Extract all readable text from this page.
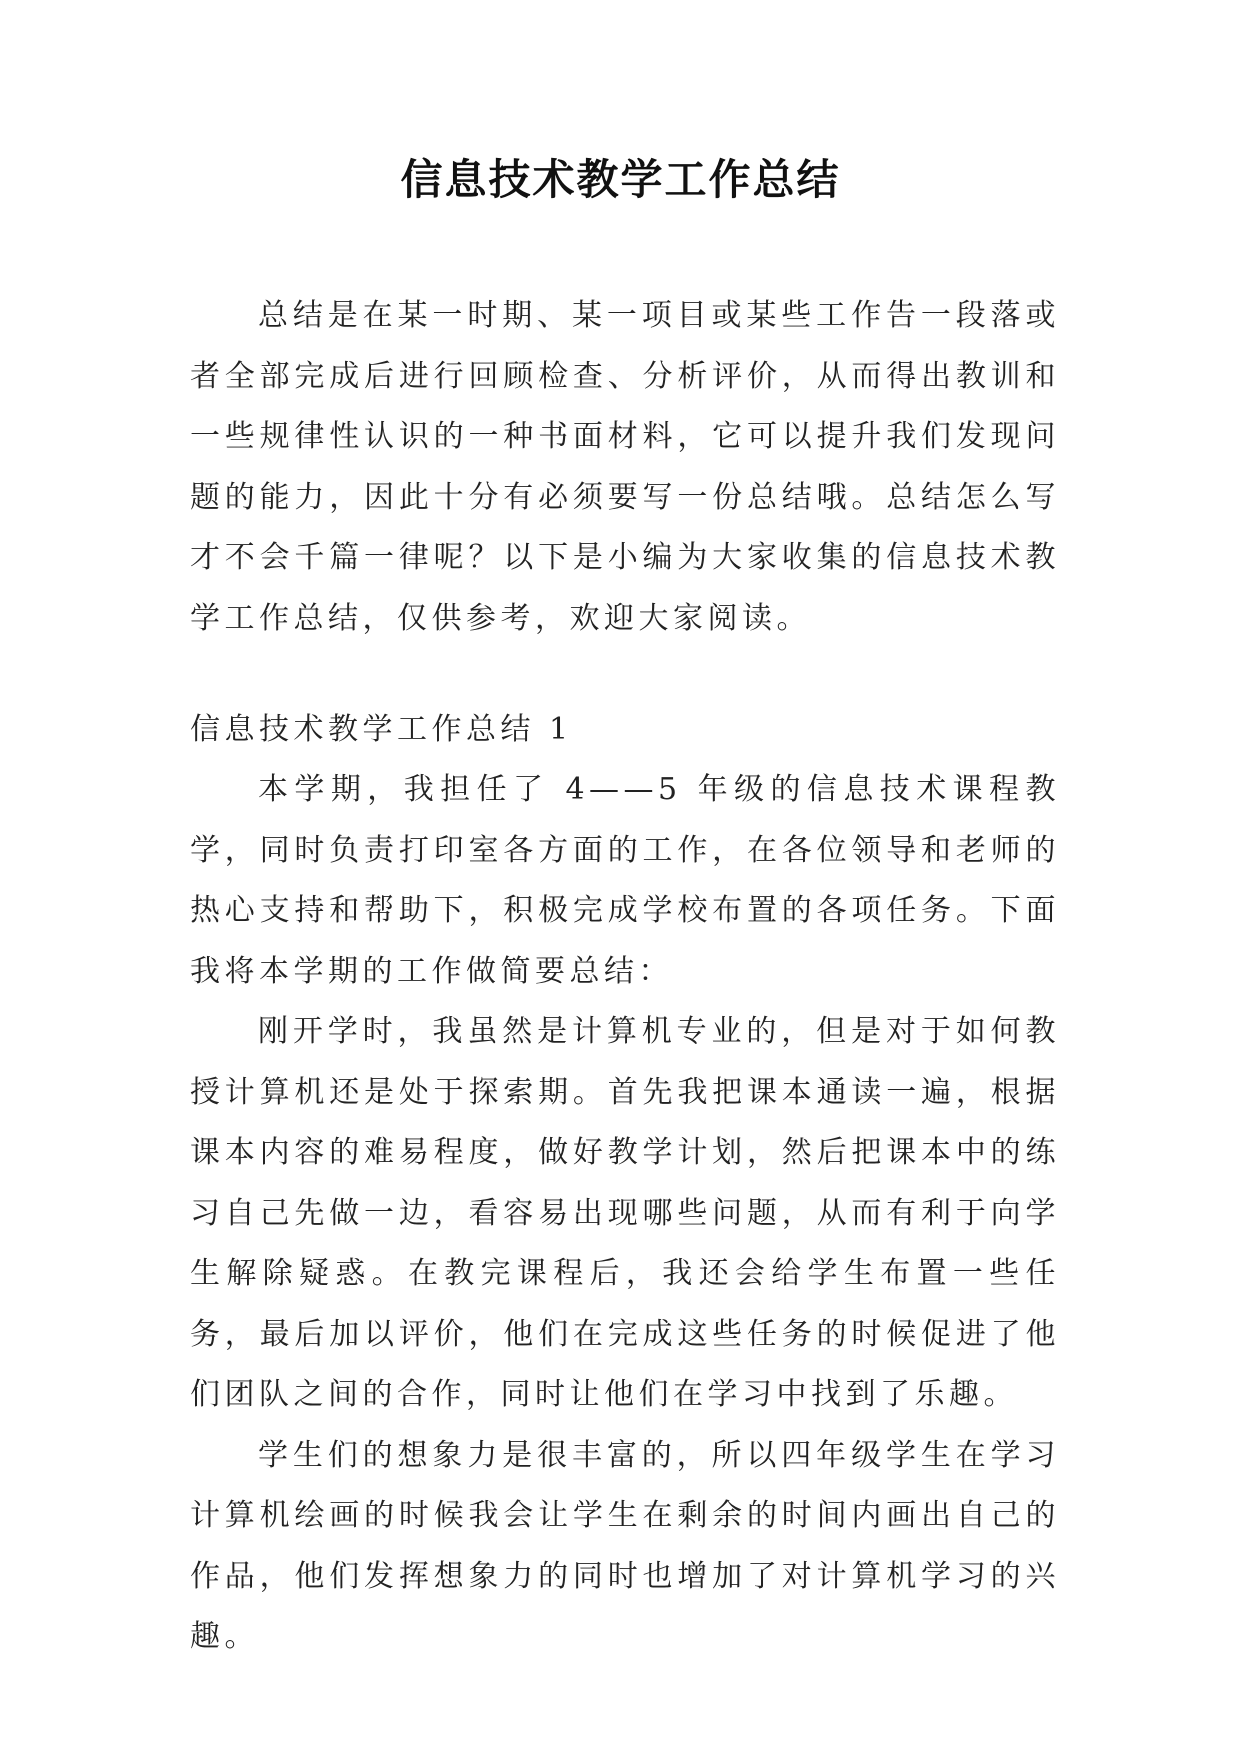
信息技术教学工作总结

总结是在某一时期、某一项目或某些工作告一段落或者全部完成后进行回顾检查、分析评价，从而得出教训和一些规律性认识的一种书面材料，它可以提升我们发现问题的能力，因此十分有必须要写一份总结哦。总结怎么写才不会千篇一律呢？以下是小编为大家收集的信息技术教学工作总结，仅供参考，欢迎大家阅读。

信息技术教学工作总结 1

本学期，我担任了 4——5 年级的信息技术课程教学，同时负责打印室各方面的工作，在各位领导和老师的热心支持和帮助下，积极完成学校布置的各项任务。下面我将本学期的工作做简要总结：

刚开学时，我虽然是计算机专业的，但是对于如何教授计算机还是处于探索期。首先我把课本通读一遍，根据课本内容的难易程度，做好教学计划，然后把课本中的练习自己先做一边，看容易出现哪些问题，从而有利于向学生解除疑惑。在教完课程后，我还会给学生布置一些任务，最后加以评价，他们在完成这些任务的时候促进了他们团队之间的合作，同时让他们在学习中找到了乐趣。

学生们的想象力是很丰富的，所以四年级学生在学习计算机绘画的时候我会让学生在剩余的时间内画出自己的作品，他们发挥想象力的同时也增加了对计算机学习的兴趣。
